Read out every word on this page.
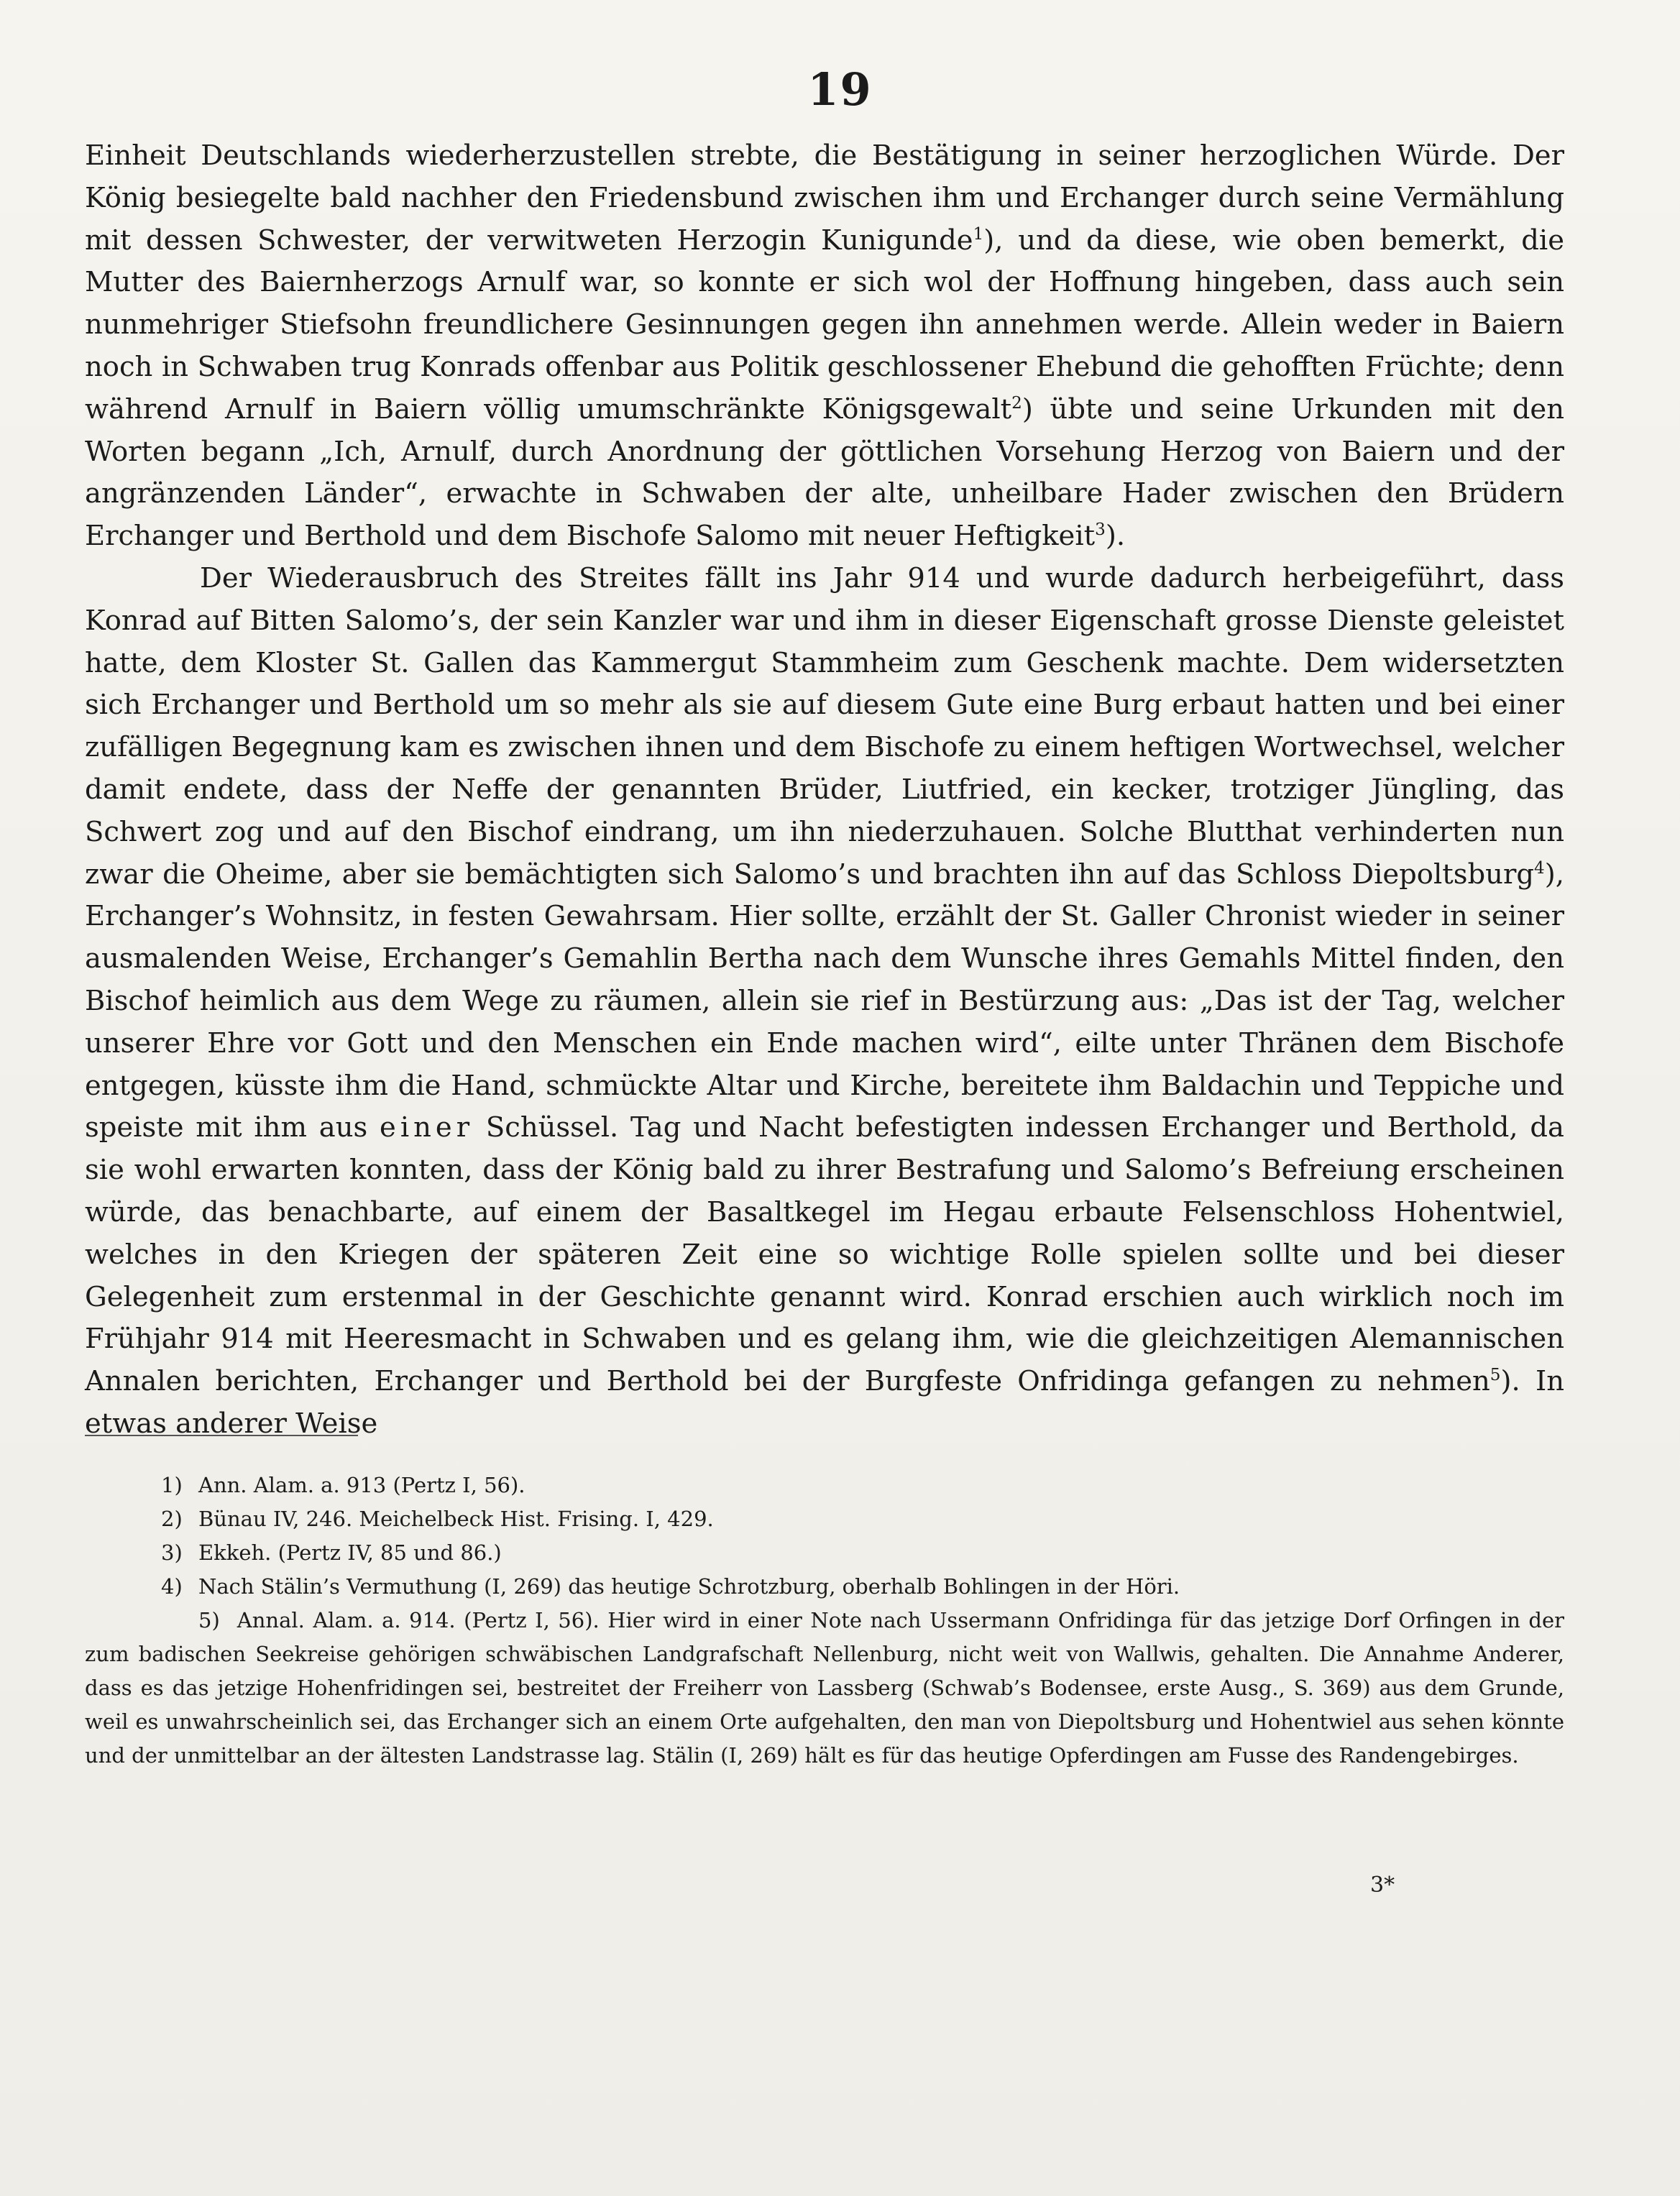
19

Einheit Deutschlands wiederherzustellen strebte, die Bestätigung in seiner herzoglichen Würde. Der König besiegelte bald nachher den Friedensbund zwischen ihm und Erchanger durch seine Vermählung mit dessen Schwester, der verwitweten Herzogin Kunigunde$^1$), und da diese, wie oben bemerkt, die Mutter des Baiernherzogs Arnulf war, so konnte er sich wol der Hoffnung hingeben, dass auch sein nunmehriger Stiefsohn freundlichere Gesinnungen gegen ihn annehmen werde. Allein weder in Baiern noch in Schwaben trug Konrads offenbar aus Politik geschlossener Ehebund die gehofften Früchte; denn während Arnulf in Baiern völlig umumschränkte Königsgewalt$^2$) übte und seine Urkunden mit den Worten begann „Ich, Arnulf, durch Anordnung der göttlichen Vorsehung Herzog von Baiern und der angränzenden Länder“, erwachte in Schwaben der alte, unheilbare Hader zwischen den Brüdern Erchanger und Berthold und dem Bischofe Salomo mit neuer Heftigkeit$^3$).

Der Wiederausbruch des Streites fällt ins Jahr 914 und wurde dadurch herbeigeführt, dass Konrad auf Bitten Salomo’s, der sein Kanzler war und ihm in dieser Eigenschaft grosse Dienste geleistet hatte, dem Kloster St. Gallen das Kammergut Stammheim zum Geschenk machte. Dem widersetzten sich Erchanger und Berthold um so mehr als sie auf diesem Gute eine Burg erbaut hatten und bei einer zufälligen Begegnung kam es zwischen ihnen und dem Bischofe zu einem heftigen Wortwechsel, welcher damit endete, dass der Neffe der genannten Brüder, Liutfried, ein kecker, trotziger Jüngling, das Schwert zog und auf den Bischof eindrang, um ihn niederzuhauen. Solche Blutthat verhinderten nun zwar die Oheime, aber sie bemächtigten sich Salomo’s und brachten ihn auf das Schloss Diepoltsburg$^4$), Erchanger’s Wohnsitz, in festen Gewahrsam. Hier sollte, erzählt der St. Galler Chronist wieder in seiner ausmalenden Weise, Erchanger’s Gemahlin Bertha nach dem Wunsche ihres Gemahls Mittel finden, den Bischof heimlich aus dem Wege zu räumen, allein sie rief in Bestürzung aus: „Das ist der Tag, welcher unserer Ehre vor Gott und den Menschen ein Ende machen wird“, eilte unter Thränen dem Bischofe entgegen, küsste ihm die Hand, schmückte Altar und Kirche, bereitete ihm Baldachin und Teppiche und speiste mit ihm aus einer Schüssel. Tag und Nacht befestigten indessen Erchanger und Berthold, da sie wohl erwarten konnten, dass der König bald zu ihrer Bestrafung und Salomo’s Befreiung erscheinen würde, das benachbarte, auf einem der Basaltkegel im Hegau erbaute Felsenschloss Hohentwiel, welches in den Kriegen der späteren Zeit eine so wichtige Rolle spielen sollte und bei dieser Gelegenheit zum erstenmal in der Geschichte genannt wird. Konrad erschien auch wirklich noch im Frühjahr 914 mit Heeresmacht in Schwaben und es gelang ihm, wie die gleichzeitigen Alemannischen Annalen berichten, Erchanger und Berthold bei der Burgfeste Onfridinga gefangen zu nehmen$^5$). In etwas anderer Weise

1) Ann. Alam. a. 913 (Pertz I, 56).

2) Bünau IV, 246. Meichelbeck Hist. Frising. I, 429.

3) Ekkeh. (Pertz IV, 85 und 86.)

4) Nach Stälin’s Vermuthung (I, 269) das heutige Schrotzburg, oberhalb Bohlingen in der Höri.

5) Annal. Alam. a. 914. (Pertz I, 56). Hier wird in einer Note nach Ussermann Onfridinga für das jetzige Dorf Orfingen in der zum badischen Seekreise gehörigen schwäbischen Landgrafschaft Nellenburg, nicht weit von Wallwis, gehalten. Die Annahme Anderer, dass es das jetzige Hohenfridingen sei, bestreitet der Freiherr von Lassberg (Schwab’s Bodensee, erste Ausg., S. 369) aus dem Grunde, weil es unwahrscheinlich sei, das Erchanger sich an einem Orte aufgehalten, den man von Diepoltsburg und Hohentwiel aus sehen könnte und der unmittelbar an der ältesten Landstrasse lag. Stälin (I, 269) hält es für das heutige Opferdingen am Fusse des Randengebirges.

3*
